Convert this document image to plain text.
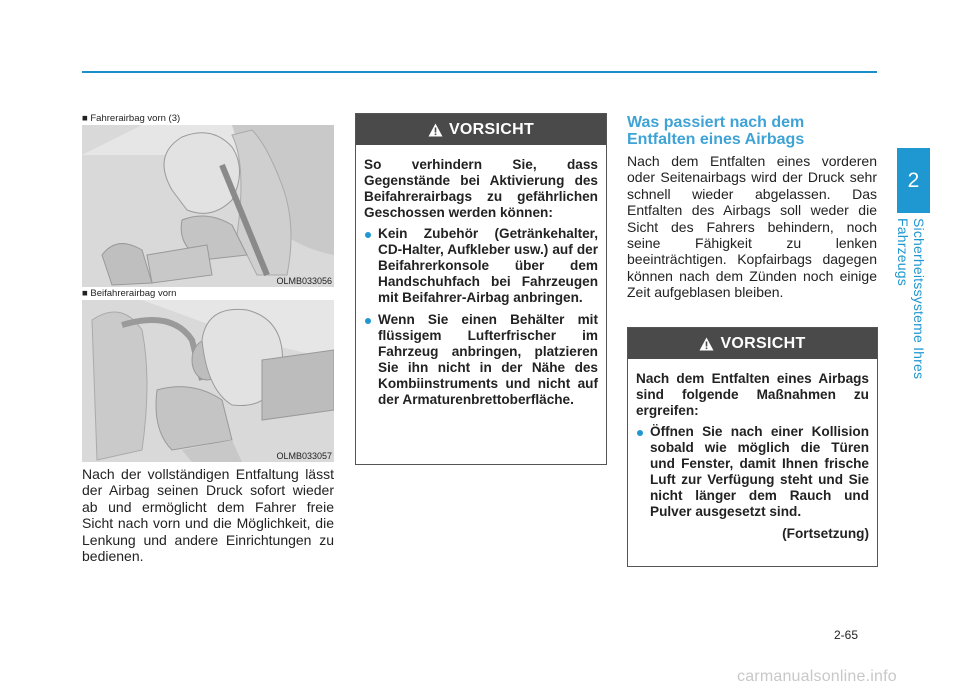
2
Sicherheitssysteme Ihres Fahrzeugs
■ Fahrerairbag vorn (3)
OLMB033056
■ Beifahrerairbag vorn
OLMB033057
Nach der vollständigen Entfaltung lässt der Airbag seinen Druck sofort wieder ab und ermöglicht dem Fahrer freie Sicht nach vorn und die Möglichkeit, die Lenkung und andere Einrichtungen zu bedienen.
VORSICHT

So verhindern Sie, dass Gegenstände bei Aktivierung des Beifahrerairbags zu gefährlichen Geschossen werden können:

Kein Zubehör (Getränkehalter, CD-Halter, Aufkleber usw.) auf der Beifahrerkonsole über dem Handschuhfach bei Fahrzeugen mit Beifahrer-Airbag anbringen.
Wenn Sie einen Behälter mit flüssigem Lufterfrischer im Fahrzeug anbringen, platzieren Sie ihn nicht in der Nähe des Kombiinstruments und nicht auf der Armaturenbrettoberfläche.
Was passiert nach dem Entfalten eines Airbags
Nach dem Entfalten eines vorderen oder Seitenairbags wird der Druck sehr schnell wieder abgelassen. Das Entfalten des Airbags soll weder die Sicht des Fahrers behindern, noch seine Fähigkeit zu lenken beeinträchtigen. Kopfairbags dagegen können nach dem Zünden noch einige Zeit aufgeblasen bleiben.
VORSICHT

Nach dem Entfalten eines Airbags sind folgende Maßnahmen zu ergreifen:

Öffnen Sie nach einer Kollision sobald wie möglich die Türen und Fenster, damit Ihnen frische Luft zur Verfügung steht und Sie nicht länger dem Rauch und Pulver ausgesetzt sind.
(Fortsetzung)
2-65
carmanualsonline.info
